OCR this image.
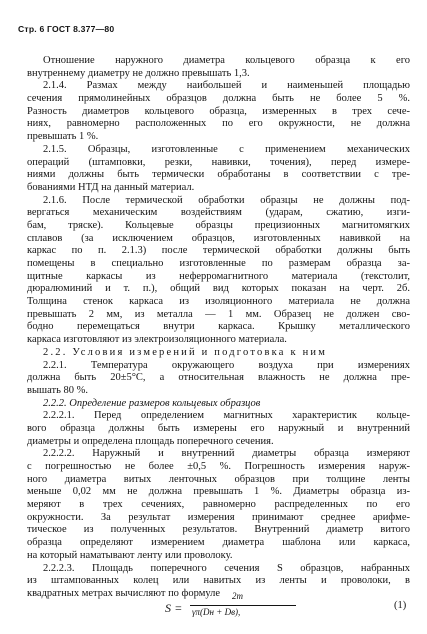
Стр. 6 ГОСТ 8.377—80
Отношение наружного диаметра кольцевого образца к его
внутреннему диаметру не должно превышать 1,3.
2.1.4. Размах между наибольшей и наименьшей площадью
сечения прямолинейных образцов должна быть не более 5 %.
Разность диаметров кольцевого образца, измеренных в трех сече-
ниях, равномерно расположенных по его окружности, не должна
превышать 1 %.
2.1.5. Образцы, изготовленные с применением механических
операций (штамповки, резки, навивки, точения), перед измере-
ниями должны быть термически обработаны в соответствии с тре-
бованиями НТД на данный материал.
2.1.6. После термической обработки образцы не должны под-
вергаться механическим воздействиям (ударам, сжатию, изги-
бам, тряске). Кольцевые образцы прецизионных магнитомягких
сплавов (за исключением образцов, изготовленных навивкой на
каркас по п. 2.1.3) после термической обработки должны быть
помещены в специально изготовленные по размерам образца за-
щитные каркасы из неферромагнитного материала (текстолит,
дюралюминий и т. п.), общий вид которых показан на черт. 2б.
Толщина стенок каркаса из изоляционного материала не должна
превышать 2 мм, из металла — 1 мм. Образец не должен сво-
бодно перемещаться внутри каркаса. Крышку металлического
каркаса изготовляют из электроизоляционного материала.
2.2. Условия измерений и подготовка к ним
2.2.1. Температура окружающего воздуха при измерениях
должна быть 20±5°С, а относительная влажность не должна пре-
вышать 80 %.
2.2.2. Определение размеров кольцевых образцов
2.2.2.1. Перед определением магнитных характеристик кольце-
вого образца должны быть измерены его наружный и внутренний
диаметры и определена площадь поперечного сечения.
2.2.2.2. Наружный и внутренний диаметры образца измеряют
с погрешностью не более ±0,5 %. Погрешность измерения наруж-
ного диаметра витых ленточных образцов при толщине ленты
меньше 0,02 мм не должна превышать 1 %. Диаметры образца из-
меряют в трех сечениях, равномерно распределенных по его
окружности. За результат измерения принимают среднее арифме-
тическое из полученных результатов. Внутренний диаметр витого
образца определяют измерением диаметра шаблона или каркаса,
на который наматывают ленту или проволоку.
2.2.2.3. Площадь поперечного сечения S образцов, набранных
из штампованных колец или навитых из ленты и проволоки, в
квадратных метрах вычисляют по формуле
S =
2m
γπ(Dн + Dв),
(1)
